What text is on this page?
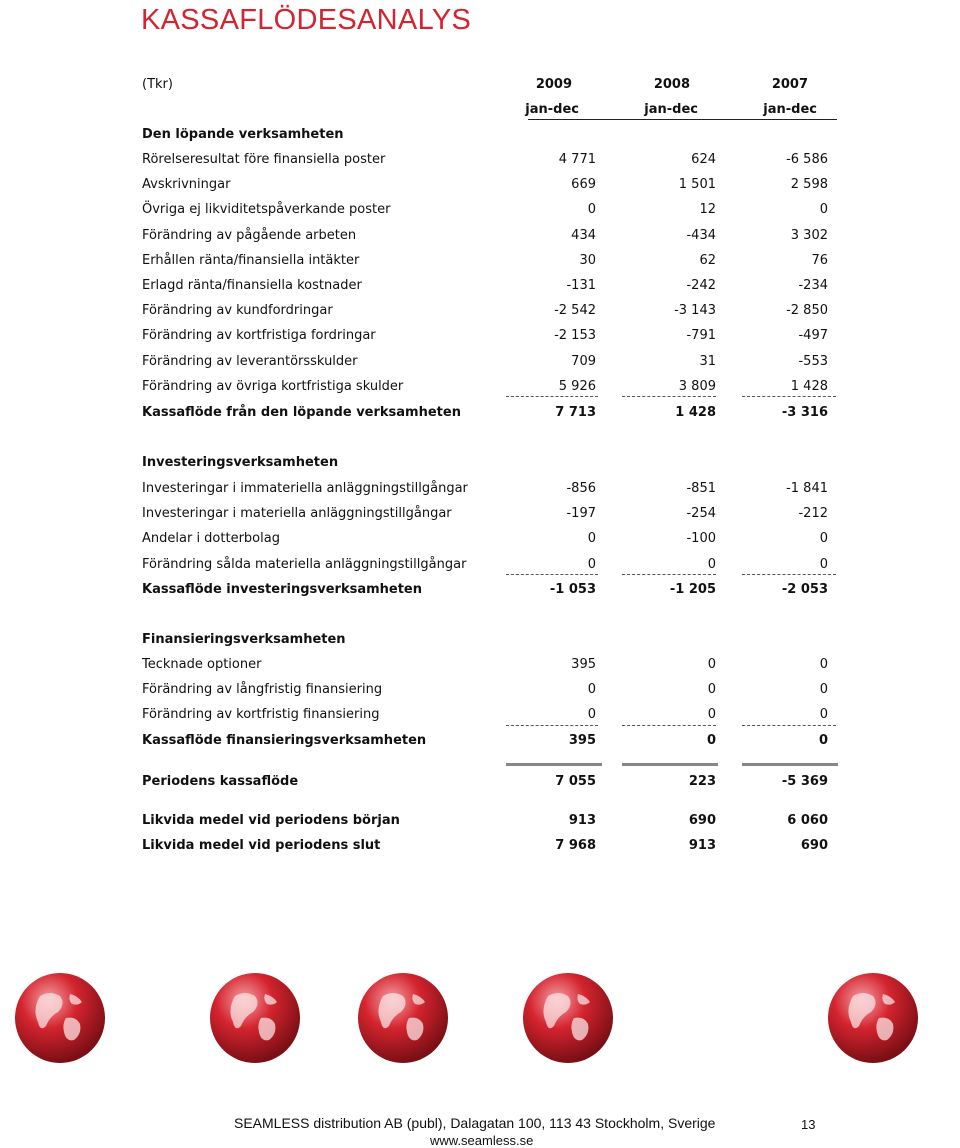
KASSAFLÖDESANALYS
(Tkr)	2009	2008	2007
jan-dec	jan-dec	jan-dec
Den löpande verksamheten
Rörelseresultat före finansiella poster	4 771	624	-6 586
Avskrivningar	669	1 501	2 598
Övriga ej likviditetspåverkande poster	0	12	0
Förändring av pågående arbeten	434	-434	3 302
Erhållen ränta/finansiella intäkter	30	62	76
Erlagd ränta/finansiella kostnader	-131	-242	-234
Förändring av kundfordringar	-2 542	-3 143	-2 850
Förändring av kortfristiga fordringar	-2 153	-791	-497
Förändring av leverantörsskulder	709	31	-553
Förändring av övriga kortfristiga skulder	5 926	3 809	1 428
Kassaflöde från den löpande verksamheten	7 713	1 428	-3 316
Investeringsverksamheten
Investeringar i immateriella anläggningstillgångar	-856	-851	-1 841
Investeringar i materiella anläggningstillgångar	-197	-254	-212
Andelar i dotterbolag	0	-100	0
Förändring sålda materiella anläggningstillgångar	0	0	0
Kassaflöde investeringsverksamheten	-1 053	-1 205	-2 053
Finansieringsverksamheten
Tecknade optioner	395	0	0
Förändring av långfristig finansiering	0	0	0
Förändring av kortfristig finansiering	0	0	0
Kassaflöde finansieringsverksamheten	395	0	0
Periodens kassaflöde	7 055	223	-5 369
Likvida medel vid periodens början	913	690	6 060
Likvida medel vid periodens slut	7 968	913	690
SEAMLESS distribution AB (publ), Dalagatan 100, 113 43 Stockholm, Sverige	13
www.seamless.se
